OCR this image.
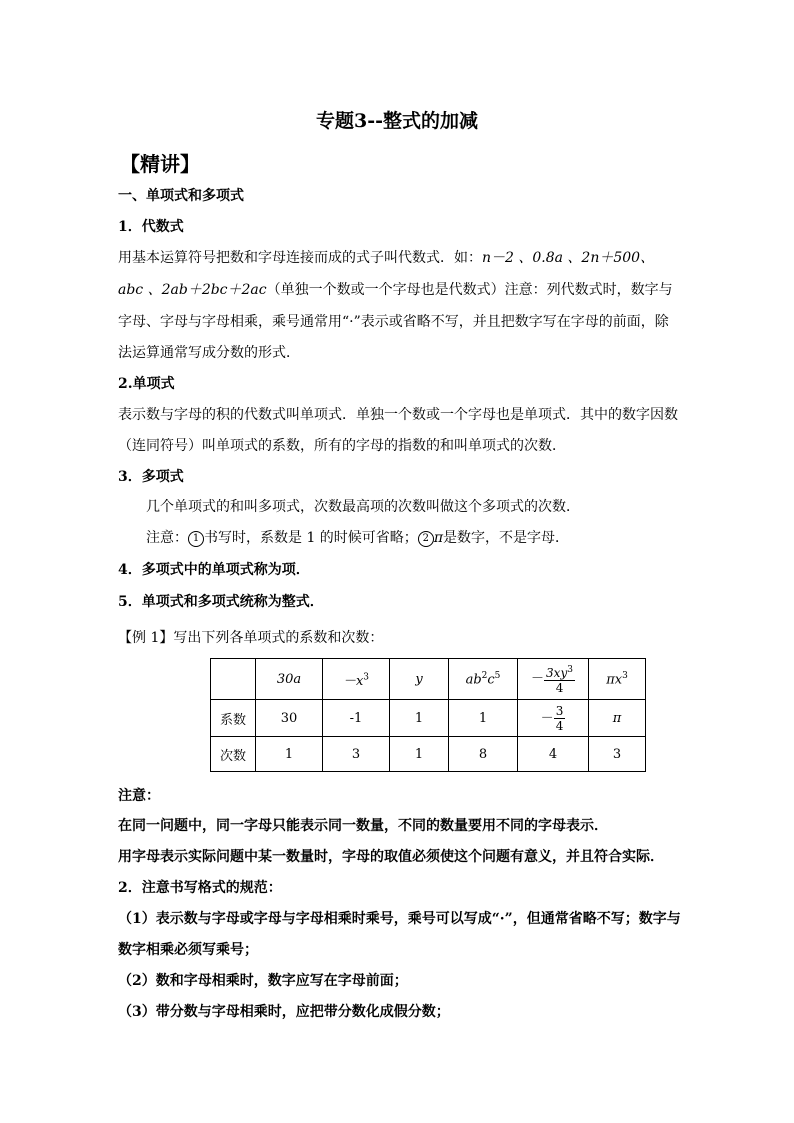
专题3--整式的加减
【精讲】
一、单项式和多项式
1．代数式
用基本运算符号把数和字母连接而成的式子叫代数式．如：n－2 、0.8a 、2n＋500、
abc 、2ab＋2bc＋2ac（单独一个数或一个字母也是代数式）注意：列代数式时，数字与
字母、字母与字母相乘，乘号通常用“·”表示或省略不写，并且把数字写在字母的前面，除
法运算通常写成分数的形式．
2.单项式
表示数与字母的积的代数式叫单项式．单独一个数或一个字母也是单项式．其中的数字因数
（连同符号）叫单项式的系数，所有的字母的指数的和叫单项式的次数．
3．多项式
几个单项式的和叫多项式，次数最高项的次数叫做这个多项式的次数．
注意： 1 书写时，系数是 1 的时候可省略； 2 π是数字，不是字母．
4．多项式中的单项式称为项．
5．单项式和多项式统称为整式．
【例 1】写出下列各单项式的系数和次数：
	30a	$-x^3$	y	$ab^2c^5$	－ $\frac{3xy^3}{4}$	$\pi x^3$
系数	30	-1	1	1	－ $\frac{3}{4}$	π
次数	1	3	1	8	4	3
注意：
在同一问题中，同一字母只能表示同一数量，不同的数量要用不同的字母表示．
用字母表示实际问题中某一数量时，字母的取值必须使这个问题有意义，并且符合实际．
2．注意书写格式的规范：
（1）表示数与字母或字母与字母相乘时乘号，乘号可以写成“·”，但通常省略不写；数字与
数字相乘必须写乘号；
（2）数和字母相乘时，数字应写在字母前面；
（3）带分数与字母相乘时，应把带分数化成假分数；
